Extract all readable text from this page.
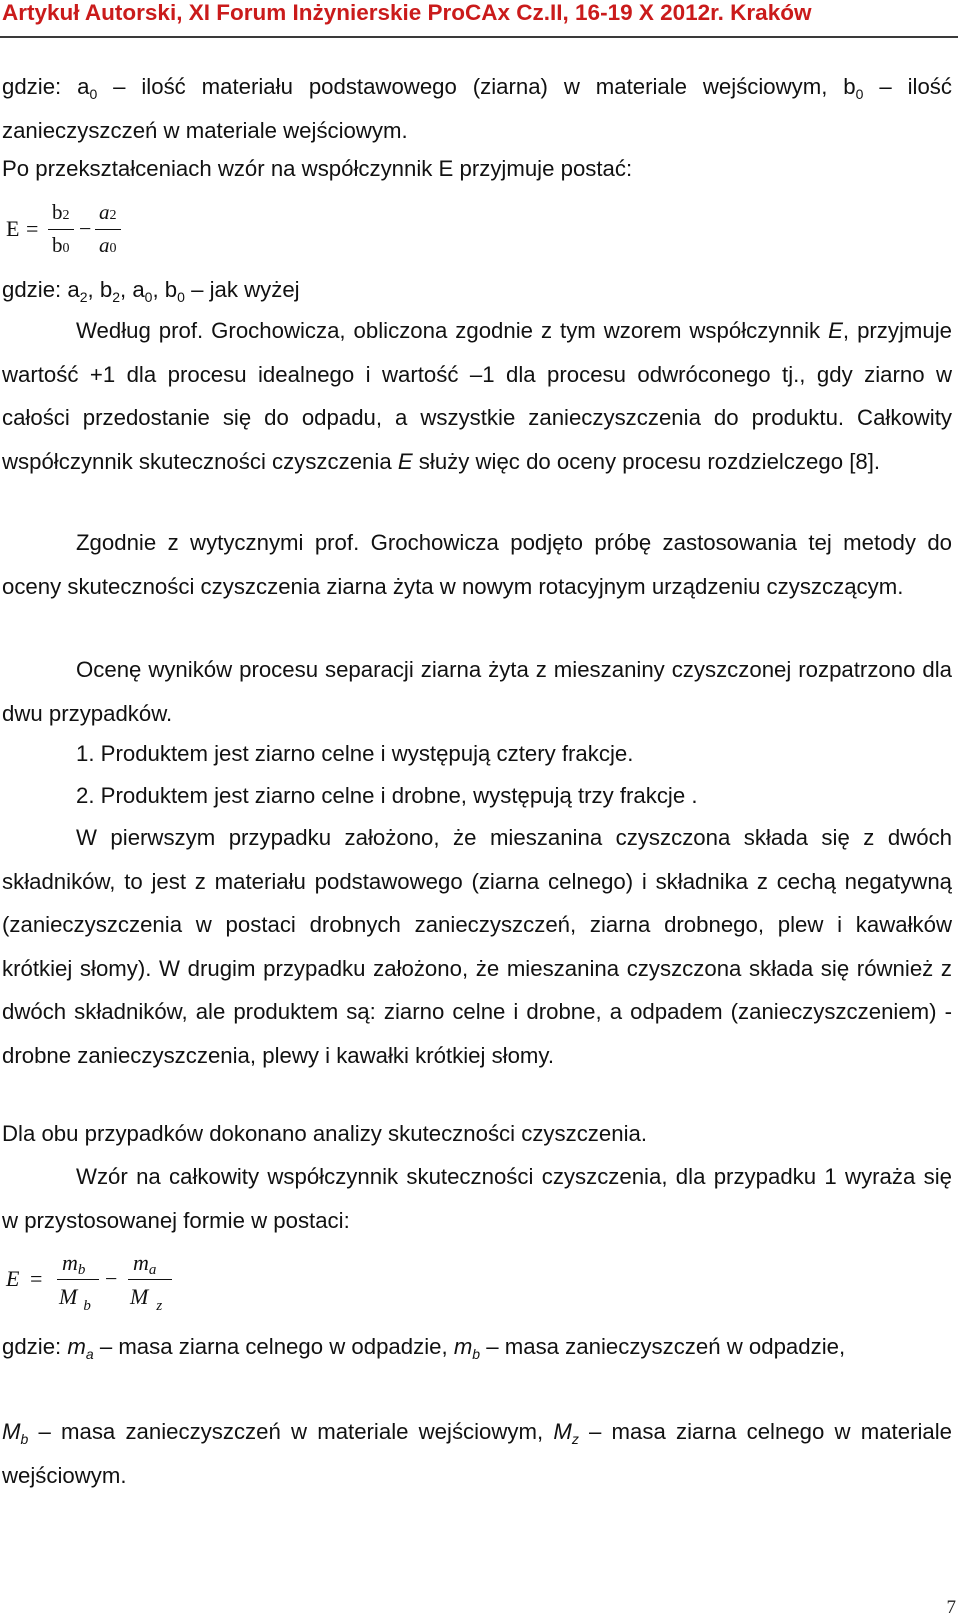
Artykuł Autorski, XI Forum Inżynierskie ProCAx Cz.II, 16-19 X 2012r. Kraków

gdzie: $a_0$ – ilość materiału podstawowego (ziarna) w materiale wejściowym, $b_0$ – ilość zanieczyszczeń w materiale wejściowym.

Po przekształceniach wzór na współczynnik E przyjmuje postać:
E =
b2
b0
−
a2
a0
gdzie: $a_2$, $b_2$, $a_0$, $b_0$ – jak wyżej

Według prof. Grochowicza, obliczona zgodnie z tym wzorem współczynnik E, przyjmuje wartość +1 dla procesu idealnego i wartość –1 dla procesu odwróconego tj., gdy ziarno w całości przedostanie się do odpadu, a wszystkie zanieczyszczenia do produktu. Całkowity współczynnik skuteczności czyszczenia E służy więc do oceny procesu rozdzielczego [8].

Zgodnie z wytycznymi prof. Grochowicza podjęto próbę zastosowania tej metody do oceny skuteczności czyszczenia ziarna żyta w nowym rotacyjnym urządzeniu czyszczącym.

Ocenę wyników procesu separacji ziarna żyta z mieszaniny czyszczonej rozpatrzono dla dwu przypadków.

1. Produktem jest ziarno celne i występują cztery frakcje.
2. Produktem jest ziarno celne i drobne, występują trzy frakcje .

W pierwszym przypadku założono, że mieszanina czyszczona składa się z dwóch składników, to jest z materiału podstawowego (ziarna celnego) i składnika z cechą negatywną (zanieczyszczenia w postaci drobnych zanieczyszczeń, ziarna drobnego, plew i kawałków krótkiej słomy). W drugim przypadku założono, że mieszanina czyszczona składa się również z dwóch składników, ale produktem są: ziarno celne i drobne, a odpadem (zanieczyszczeniem) - drobne zanieczyszczenia, plewy i kawałki krótkiej słomy.

Dla obu przypadków dokonano analizy skuteczności czyszczenia.

Wzór na całkowity współczynnik skuteczności czyszczenia, dla przypadku 1 wyraża się w przystosowanej formie w postaci:

E =
mb
M $_b$
−
ma
M $_z$

gdzie: $m_a$ – masa ziarna celnego w odpadzie, $m_b$ – masa zanieczyszczeń w odpadzie,

$M_b$ – masa zanieczyszczeń w materiale wejściowym, $M_z$ – masa ziarna celnego w materiale wejściowym.

7
